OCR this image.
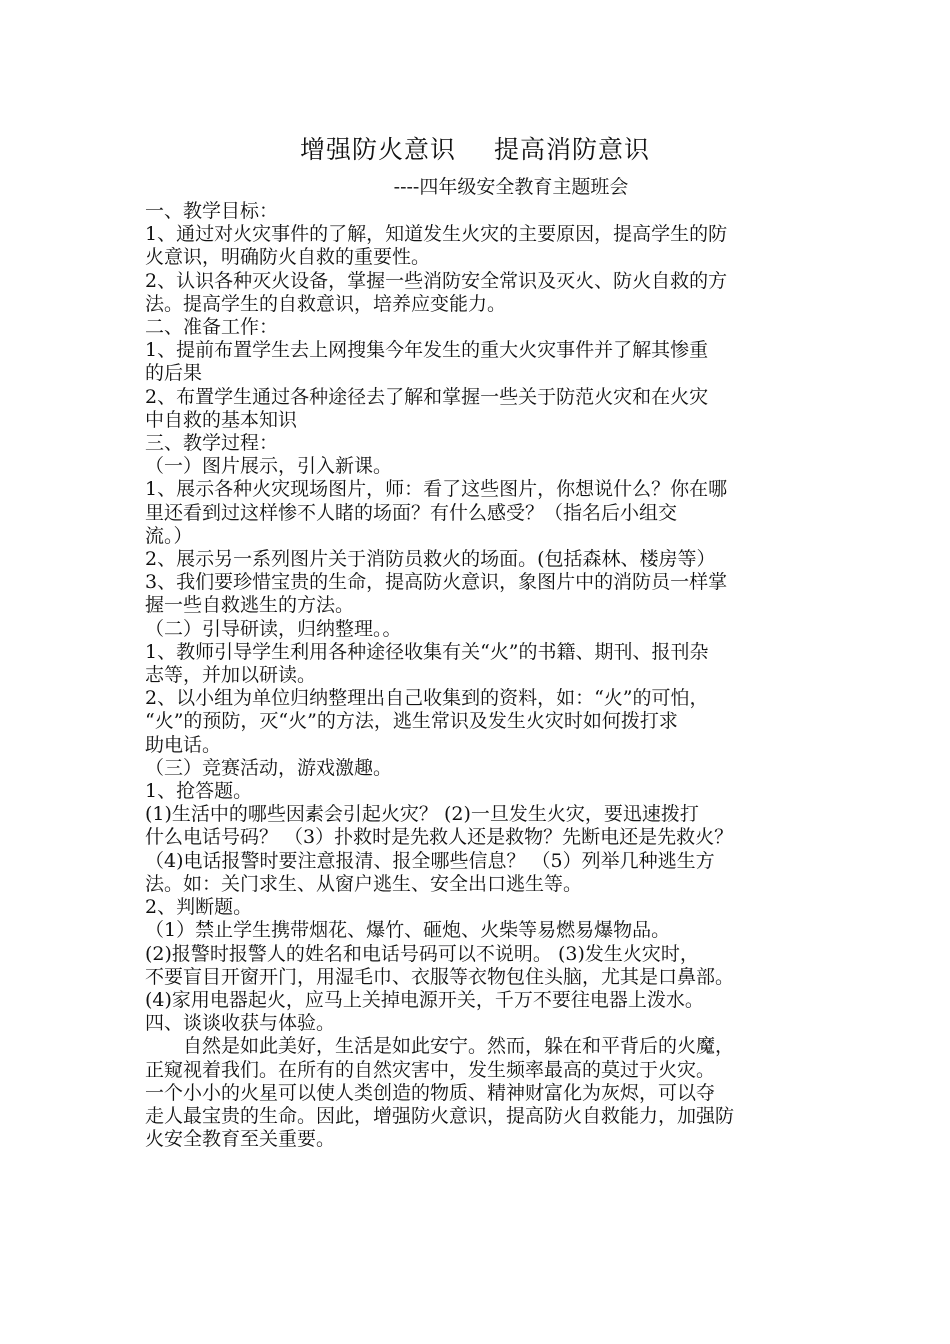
增强防火意识 提高消防意识
----四年级安全教育主题班会

一、教学目标：

1、通过对火灾事件的了解，知道发生火灾的主要原因，提高学生的防

火意识，明确防火自救的重要性。

2、认识各种灭火设备，掌握一些消防安全常识及灭火、防火自救的方

法。提高学生的自救意识，培养应变能力。

二、准备工作：

1、提前布置学生去上网搜集今年发生的重大火灾事件并了解其惨重

的后果

2、布置学生通过各种途径去了解和掌握一些关于防范火灾和在火灾

中自救的基本知识

三、教学过程：

（一）图片展示，引入新课。

1、展示各种火灾现场图片，师：看了这些图片，你想说什么？你在哪

里还看到过这样惨不人睹的场面？有什么感受？（指名后小组交

流。）

2、展示另一系列图片关于消防员救火的场面。(包括森林、楼房等）

3、我们要珍惜宝贵的生命，提高防火意识，象图片中的消防员一样掌

握一些自救逃生的方法。

（二）引导研读，归纳整理。。

1、教师引导学生利用各种途径收集有关“火”的书籍、期刊、报刊杂

志等，并加以研读。

2、以小组为单位归纳整理出自己收集到的资料，如：“火”的可怕，

“火”的预防，灭“火”的方法，逃生常识及发生火灾时如何拨打求

助电话。

（三）竞赛活动，游戏激趣。

1、抢答题。

(1)生活中的哪些因素会引起火灾？ (2)一旦发生火灾，要迅速拨打

什么电话号码？ （3）扑救时是先救人还是救物？先断电还是先救火？

（4)电话报警时要注意报清、报全哪些信息？ （5）列举几种逃生方

法。如：关门求生、从窗户逃生、安全出口逃生等。

2、判断题。

（1）禁止学生携带烟花、爆竹、砸炮、火柴等易燃易爆物品。

(2)报警时报警人的姓名和电话号码可以不说明。 (3)发生火灾时，

不要盲目开窗开门，用湿毛巾、衣服等衣物包住头脑，尤其是口鼻部。

(4)家用电器起火，应马上关掉电源开关，千万不要往电器上泼水。

四、谈谈收获与体验。

自然是如此美好，生活是如此安宁。然而，躲在和平背后的火魔，

正窥视着我们。在所有的自然灾害中，发生频率最高的莫过于火灾。

一个小小的火星可以使人类创造的物质、精神财富化为灰烬，可以夺

走人最宝贵的生命。因此，增强防火意识，提高防火自救能力，加强防

火安全教育至关重要。
